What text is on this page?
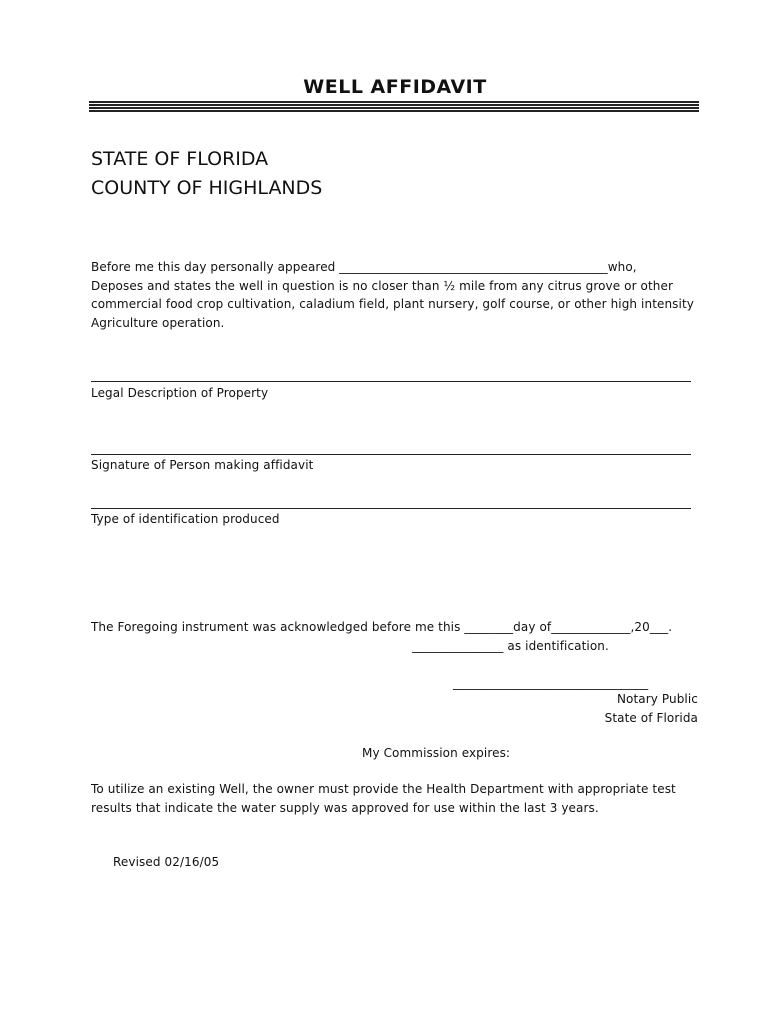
WELL AFFIDAVIT
STATE OF FLORIDA
COUNTY OF HIGHLANDS
Before me this day personally appeared ____________________________________________who,
Deposes and states the well in question is no closer than ½ mile from any citrus grove or other
commercial food crop cultivation, caladium field, plant nursery, golf course, or other high intensity
Agriculture operation.
Legal Description of Property
Signature of Person making affidavit
Type of identification produced
The Foregoing instrument was acknowledged before me this ________day of_____________,20___.
_______________ as identification.
________________________________
Notary Public
State of Florida
My Commission expires:
To utilize an existing Well, the owner must provide the Health Department with appropriate test
results that indicate the water supply was approved for use within the last 3 years.
Revised 02/16/05
